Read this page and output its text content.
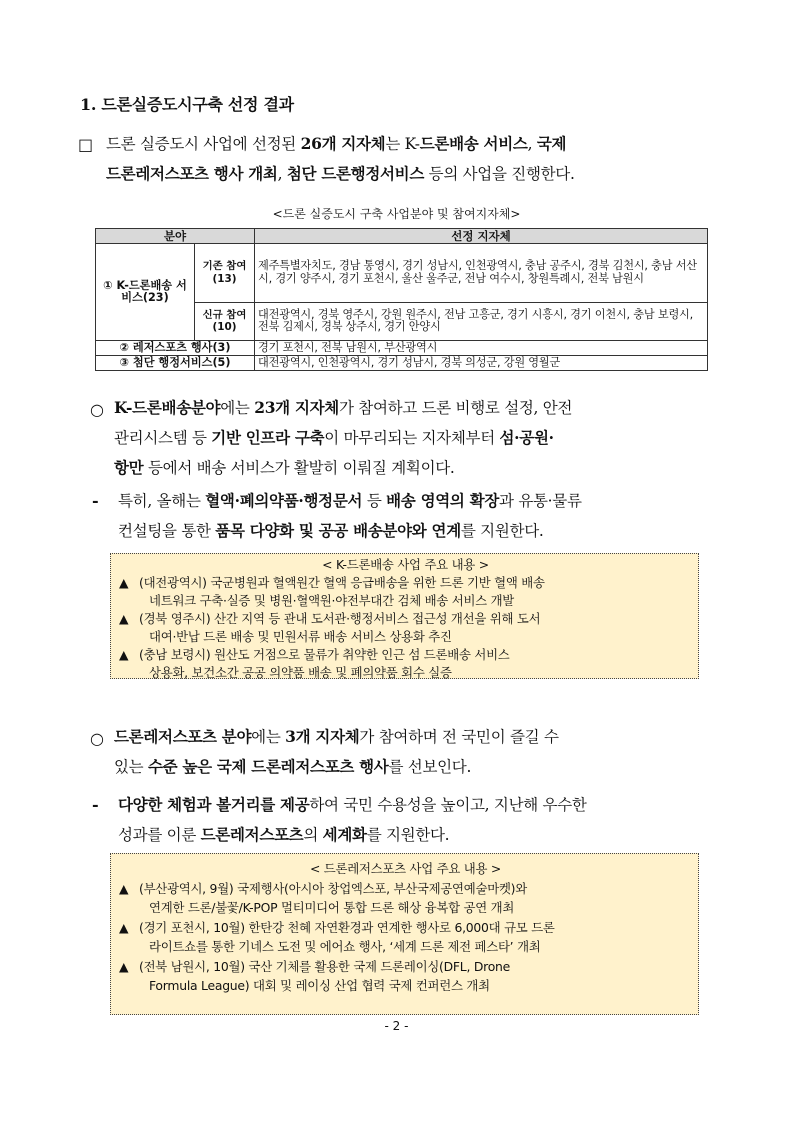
1. 드론실증도시구축 선정 결과
□ 드론 실증도시 사업에 선정된 26개 지자체는 K-드론배송 서비스, 국제
드론레저스포츠 행사 개최, 첨단 드론행정서비스 등의 사업을 진행한다.
<드론 실증도시 구축 사업분야 및 참여지자체>
분야		선정 지자체
① K-드론배송 서비스(23)	기존 참여 (13)	제주특별자치도, 경남 통영시, 경기 성남시, 인천광역시, 충남 공주시, 경북 김천시, 충남 서산시, 경기 양주시, 경기 포천시, 울산 울주군, 전남 여수시, 창원특례시, 전북 남원시
	신규 참여 (10)	대전광역시, 경북 영주시, 강원 원주시, 전남 고흥군, 경기 시흥시, 경기 이천시, 충남 보령시, 전북 김제시, 경북 상주시, 경기 안양시
② 레저스포츠 행사(3)		경기 포천시, 전북 남원시, 부산광역시
③ 첨단 행정서비스(5)		대전광역시, 인천광역시, 경기 성남시, 경북 의성군, 강원 영월군
○ K-드론배송분야에는 23개 지자체가 참여하고 드론 비행로 설정, 안전
관리시스템 등 기반 인프라 구축이 마무리되는 지자체부터 섬·공원·
항만 등에서 배송 서비스가 활발히 이뤄질 계획이다.
- 특히, 올해는 혈액·폐의약품·행정문서 등 배송 영역의 확장과 유통·물류
컨설팅을 통한 품목 다양화 및 공공 배송분야와 연계를 지원한다.
< K-드론배송 사업 주요 내용 >
▲ (대전광역시) 국군병원과 혈액원간 혈액 응급배송을 위한 드론 기반 혈액 배송
네트워크 구축·실증 및 병원·혈액원·야전부대간 검체 배송 서비스 개발
▲ (경북 영주시) 산간 지역 등 관내 도서관·행정서비스 접근성 개선을 위해 도서
대여·반납 드론 배송 및 민원서류 배송 서비스 상용화 추진
▲ (충남 보령시) 원산도 거점으로 물류가 취약한 인근 섬 드론배송 서비스
상용화, 보건소간 공공 의약품 배송 및 폐의약품 회수 실증
○ 드론레저스포츠 분야에는 3개 지자체가 참여하며 전 국민이 즐길 수
있는 수준 높은 국제 드론레저스포츠 행사를 선보인다.
- 다양한 체험과 볼거리를 제공하여 국민 수용성을 높이고, 지난해 우수한
성과를 이룬 드론레저스포츠의 세계화를 지원한다.
< 드론레저스포츠 사업 주요 내용 >
▲ (부산광역시, 9월) 국제행사(아시아 창업엑스포, 부산국제공연예술마켓)와
연계한 드론/불꽃/K-POP 멀티미디어 통합 드론 해상 융복합 공연 개최
▲ (경기 포천시, 10월) 한탄강 천혜 자연환경과 연계한 행사로 6,000대 규모 드론
라이트쇼를 통한 기네스 도전 및 에어쇼 행사, ‘세계 드론 제전 페스타’ 개최
▲ (전북 남원시, 10월) 국산 기체를 활용한 국제 드론레이싱(DFL, Drone
Formula League) 대회 및 레이싱 산업 협력 국제 컨퍼런스 개최
- 2 -
